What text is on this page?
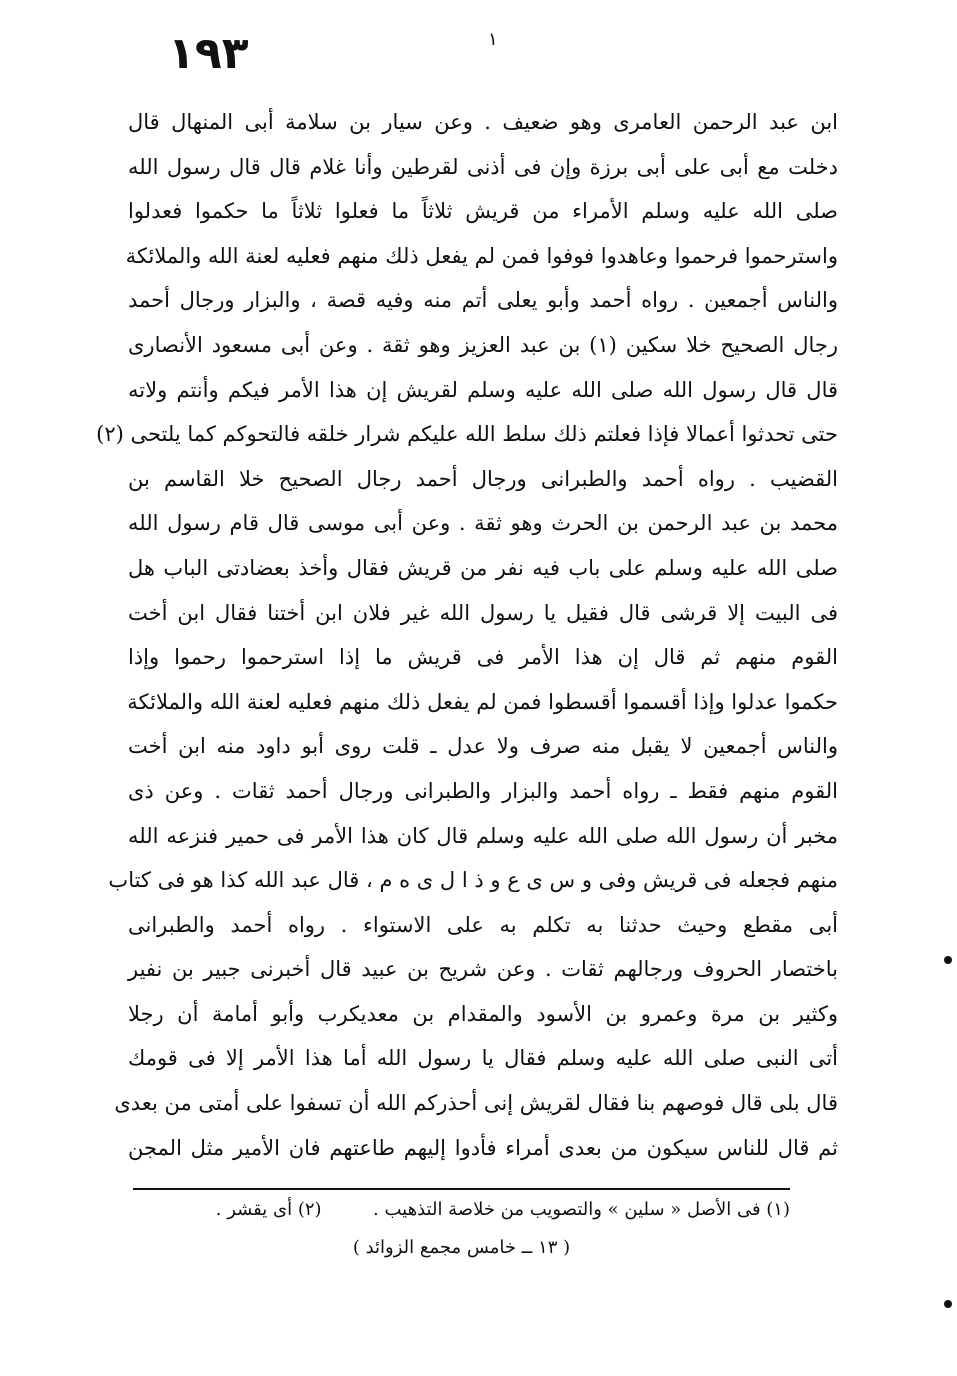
١٩٣	١
ابن عبد الرحمن العامرى وهو ضعيف . وعن سيار بن سلامة أبى المنهال قال
دخلت مع أبى على أبى برزة وإن فى أذنى لقرطين وأنا غلام قال قال رسول الله
صلى الله عليه وسلم الأمراء من قريش ثلاثاً ما فعلوا ثلاثاً ما حكموا فعدلوا
واسترحموا فرحموا وعاهدوا فوفوا فمن لم يفعل ذلك منهم فعليه لعنة الله والملائكة
والناس أجمعين . رواه أحمد وأبو يعلى أتم منه وفيه قصة ، والبزار ورجال أحمد
رجال الصحيح خلا سكين (١) بن عبد العزيز وهو ثقة . وعن أبى مسعود الأنصارى
قال قال رسول الله صلى الله عليه وسلم لقريش إن هذا الأمر فيكم وأنتم ولاته
حتى تحدثوا أعمالا فإذا فعلتم ذلك سلط الله عليكم شرار خلقه فالتحوكم كما يلتحى (٢)
القضيب . رواه أحمد والطبرانى ورجال أحمد رجال الصحيح خلا القاسم بن
محمد بن عبد الرحمن بن الحرث وهو ثقة . وعن أبى موسى قال قام رسول الله
صلى الله عليه وسلم على باب فيه نفر من قريش فقال وأخذ بعضادتى الباب هل
فى البيت إلا قرشى قال فقيل يا رسول الله غير فلان ابن أختنا فقال ابن أخت
القوم منهم ثم قال إن هذا الأمر فى قريش ما إذا استرحموا رحموا وإذا
حكموا عدلوا وإذا أقسموا أقسطوا فمن لم يفعل ذلك منهم فعليه لعنة الله والملائكة
والناس أجمعين لا يقبل منه صرف ولا عدل ـ قلت روى أبو داود منه ابن أخت
القوم منهم فقط ـ رواه أحمد والبزار والطبرانى ورجال أحمد ثقات . وعن ذى
مخبر أن رسول الله صلى الله عليه وسلم قال كان هذا الأمر فى حمير فنزعه الله
منهم فجعله فى قريش وفى و س ى ع و ذ ا ل ى ه م ، قال عبد الله كذا هو فى كتاب
أبى مقطع وحيث حدثنا به تكلم به على الاستواء . رواه أحمد والطبرانى
باختصار الحروف ورجالهم ثقات . وعن شريح بن عبيد قال أخبرنى جبير بن نفير
وكثير بن مرة وعمرو بن الأسود والمقدام بن معديكرب وأبو أمامة أن رجلا
أتى النبى صلى الله عليه وسلم فقال يا رسول الله أما هذا الأمر إلا فى قومك
قال بلى قال فوصهم بنا فقال لقريش إنى أحذركم الله أن تسفوا على أمتى من بعدى
ثم قال للناس سيكون من بعدى أمراء فأدوا إليهم طاعتهم فان الأمير مثل المجن
(١) فى الأصل « سلين » والتصويب من خلاصة التذهيب .  (٢) أى يقشر .
( ١٣ ــ خامس مجمع الزوائد )
